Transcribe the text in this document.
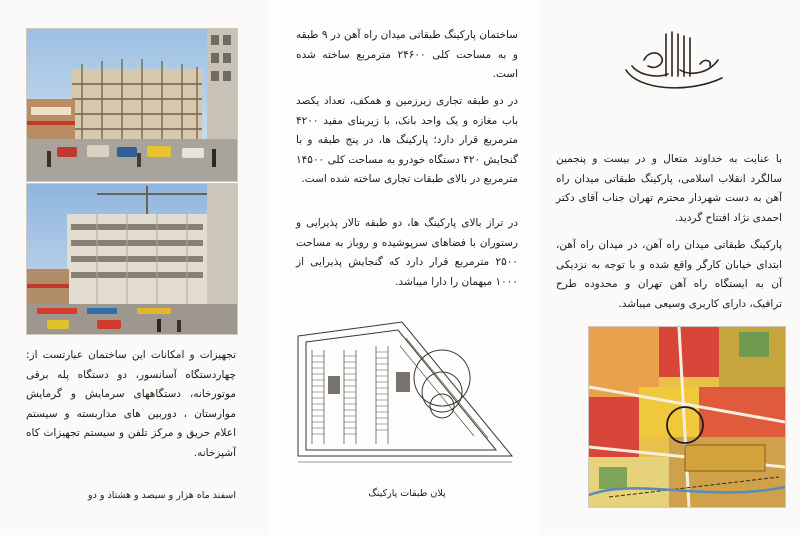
تجهیزات و امکانات این ساختمان عبارتست از: چهاردستگاه آسانسور، دو دستگاه پله برقی موتورخانه، دستگاههای سرمایش و گرمایش موارستان ، دوربین های مداربسته و سیستم اعلام حریق و مرکز تلفن و سیستم تجهیزات کاه آشپزخانه.

اسفند ماه هزار و سیصد و هشتاد و دو

ساختمان پارکینگ طبقاتی میدان راه آهن در ۹ طبقه و به مساحت کلی ۲۴۶۰۰ مترمربع ساخته شده است.

در دو طبقه تجاری زیرزمین و همکف، تعداد یکصد باب مغازه و یک واحد بانک، با زیربنای مفید ۴۲۰۰ مترمربع قرار دارد؛ پارکینگ ها، در پنج طبقه و با گنجایش ۴۲۰ دستگاه خودرو به مساحت کلی ۱۴۵۰۰ مترمربع در بالای طبقات تجاری ساخته شده است.

در تراز بالای پارکینگ ها، دو طبقه تالار پذیرایی و رستوران با فضاهای سرپوشیده و روباز به مساحت ۲۵۰۰ مترمربع قرار دارد که گنجایش پذیرایی از ۱۰۰۰ میهمان را دارا میباشد.

پلان طبقات پارکینگ

با عنایت به خداوند متعال و در بیست و پنجمین سالگرد انقلاب اسلامی، پارکینگ طبقاتی میدان راه آهن به دست شهردار محترم تهران جناب آقای دکتر احمدی نژاد افتتاح گردید.

پارکینگ طبقاتی میدان راه آهن، در میدان راه آهن، ابتدای خیابان کارگر واقع شده و با توجه به نزدیکی آن به ایستگاه راه آهن تهران و محدوده طرح ترافیک، دارای کاربری وسیعی میباشد.
